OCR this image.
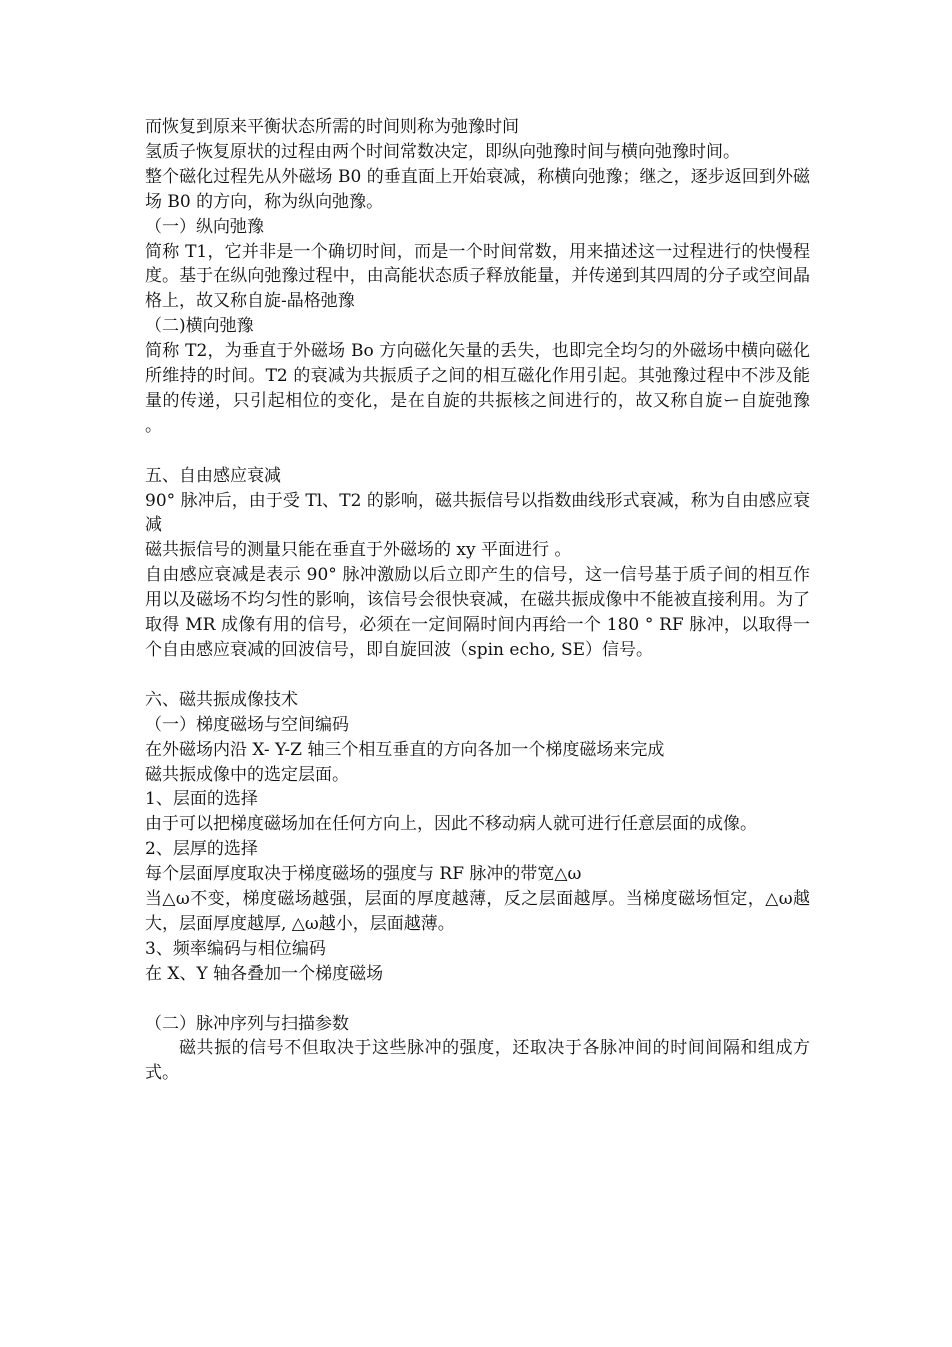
而恢复到原来平衡状态所需的时间则称为弛豫时间

氢质子恢复原状的过程由两个时间常数决定，即纵向弛豫时间与横向弛豫时间。

整个磁化过程先从外磁场 B0 的垂直面上开始衰减，称横向弛豫；继之，逐步返回到外磁场 B0 的方向，称为纵向弛豫。

（一）纵向弛豫

简称 T1，它并非是一个确切时间，而是一个时间常数，用来描述这一过程进行的快慢程度。基于在纵向弛豫过程中，由高能状态质子释放能量，并传递到其四周的分子或空间晶格上，故又称自旋-晶格弛豫

（二)横向弛豫

简称 T2，为垂直于外磁场 Bo 方向磁化矢量的丢失，也即完全均匀的外磁场中横向磁化所维持的时间。T2 的衰减为共振质子之间的相互磁化作用引起。其弛豫过程中不涉及能量的传递，只引起相位的变化，是在自旋的共振核之间进行的，故又称自旋ー自旋弛豫 。

五、自由感应衰减

90° 脉冲后，由于受 Tl、T2 的影响，磁共振信号以指数曲线形式衰减，称为自由感应衰减

磁共振信号的测量只能在垂直于外磁场的 xy 平面进行 。

自由感应衰减是表示 90° 脉冲激励以后立即产生的信号，这一信号基于质子间的相互作用以及磁场不均匀性的影响，该信号会很快衰减，在磁共振成像中不能被直接利用。为了取得 MR 成像有用的信号，必须在一定间隔时间内再给一个 180 ° RF 脉冲，以取得一个自由感应衰减的回波信号，即自旋回波（spin echo, SE）信号。

六、磁共振成像技术

（一）梯度磁场与空间编码

在外磁场内沿 X- Y-Z 轴三个相互垂直的方向各加一个梯度磁场来完成

磁共振成像中的选定层面。

1、层面的选择

由于可以把梯度磁场加在任何方向上，因此不移动病人就可进行任意层面的成像。

2、层厚的选择

每个层面厚度取决于梯度磁场的强度与 RF 脉冲的带宽△ω

当△ω不变，梯度磁场越强，层面的厚度越薄，反之层面越厚。当梯度磁场恒定，△ω越大，层面厚度越厚, △ω越小，层面越薄。

3、频率编码与相位编码

在 X、Y 轴各叠加一个梯度磁场

（二）脉冲序列与扫描参数

磁共振的信号不但取决于这些脉冲的强度，还取决于各脉冲间的时间间隔和组成方式。
